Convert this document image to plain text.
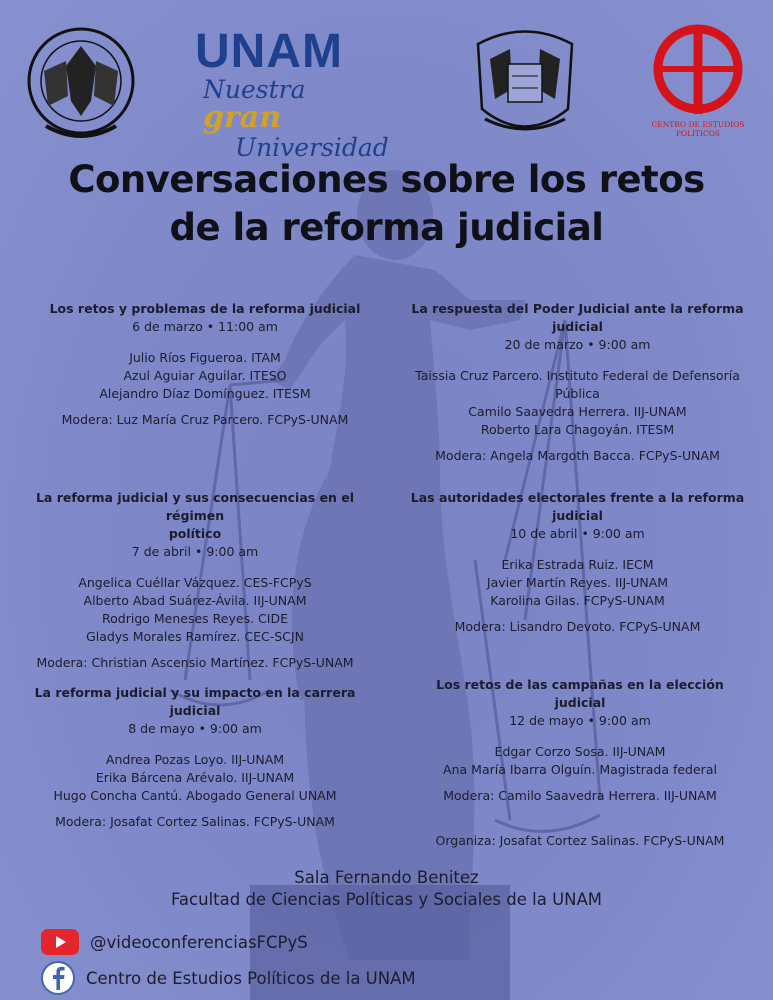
UNAM
Nuestra gran
Universidad
CENTRO DE ESTUDIOS
POLÍTICOS
Conversaciones sobre los retos
de la reforma judicial
Los retos y problemas de la reforma judicial
6 de marzo • 11:00 am
Julio Ríos Figueroa. ITAM
Azul Aguiar Aguilar. ITESO
Alejandro Díaz Domínguez. ITESM
Modera: Luz María Cruz Parcero. FCPyS-UNAM
La respuesta del Poder Judicial ante la reforma judicial
20 de marzo • 9:00 am
Taissia Cruz Parcero. Instituto Federal de Defensoría
Pública
Camilo Saavedra Herrera. IIJ-UNAM
Roberto Lara Chagoyán. ITESM
Modera: Angela Margoth Bacca. FCPyS-UNAM
La reforma judicial y sus consecuencias en el régimen
político
7 de abril • 9:00 am
Angelica Cuéllar Vázquez. CES-FCPyS
Alberto Abad Suárez-Ávila. IIJ-UNAM
Rodrigo Meneses Reyes. CIDE
Gladys Morales Ramírez. CEC-SCJN
Modera: Christian Ascensio Martínez. FCPyS-UNAM
Las autoridades electorales frente a la reforma judicial
10 de abril • 9:00 am
Erika Estrada Ruiz. IECM
Javier Martín Reyes. IIJ-UNAM
Karolina Gilas. FCPyS-UNAM
Modera: Lisandro Devoto. FCPyS-UNAM
La reforma judicial y su impacto en la carrera judicial
8 de mayo • 9:00 am
Andrea Pozas Loyo. IIJ-UNAM
Erika Bárcena Arévalo. IIJ-UNAM
Hugo Concha Cantú. Abogado General UNAM
Modera: Josafat Cortez Salinas. FCPyS-UNAM
Los retos de las campañas en la elección judicial
12 de mayo • 9:00 am
Edgar Corzo Sosa. IIJ-UNAM
Ana María Ibarra Olguín. Magistrada federal
Modera: Camilo Saavedra Herrera. IIJ-UNAM
Organiza: Josafat Cortez Salinas. FCPyS-UNAM
Sala Fernando Benitez
Facultad de Ciencias Políticas y Sociales de la UNAM
@videoconferenciasFCPyS
Centro de Estudios Políticos de la UNAM
